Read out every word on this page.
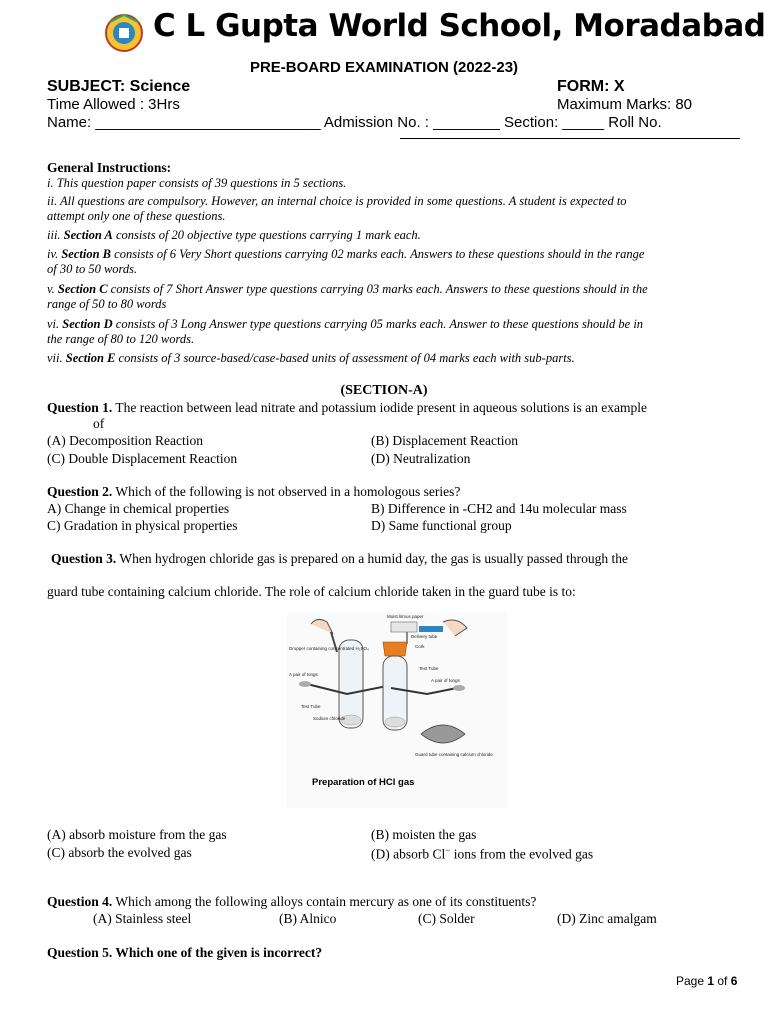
C L Gupta World School, Moradabad
PRE-BOARD EXAMINATION (2022-23)
SUBJECT: Science	FORM: X
Time Allowed : 3Hrs	Maximum Marks: 80
Name: ___________________________ Admission No. : ________ Section: _____ Roll No.
General Instructions:
i. This question paper consists of 39 questions in 5 sections.
ii. All questions are compulsory. However, an internal choice is provided in some questions. A student is expected to
attempt only one of these questions.
iii. Section A consists of 20 objective type questions carrying 1 mark each.
iv. Section B consists of 6 Very Short questions carrying 02 marks each. Answers to these questions should in the range
of 30 to 50 words.
v. Section C consists of 7 Short Answer type questions carrying 03 marks each. Answers to these questions should in the
range of 50 to 80 words
vi. Section D consists of 3 Long Answer type questions carrying 05 marks each. Answer to these questions should be in
the range of 80 to 120 words.
vii. Section E consists of 3 source-based/case-based units of assessment of 04 marks each with sub-parts.
(SECTION-A)
Question 1. The reaction between lead nitrate and potassium iodide present in aqueous solutions is an example
of
(A) Decomposition Reaction	(B) Displacement Reaction
(C) Double Displacement Reaction	(D) Neutralization
Question 2. Which of the following is not observed in a homologous series?
A) Change in chemical properties	B) Difference in -CH2 and 14u molecular mass
C) Gradation in physical properties	D) Same functional group
Question 3. When hydrogen chloride gas is prepared on a humid day, the gas is usually passed through the
guard tube containing calcium chloride. The role of calcium chloride taken in the guard tube is to:
Dropper containing concentrated H₂SO₄
A pair of tongs
Test Tube
Sodium chloride
Moist litmus paper
Delivery tube
Cork
Test Tube
A pair of tongs
Guard tube containing calcium chloride
Preparation of HCl gas
(A) absorb moisture from the gas	(B) moisten the gas
(C) absorb the evolved gas	(D) absorb Cl− ions from the evolved gas
Question 4. Which among the following alloys contain mercury as one of its constituents?
(A) Stainless steel	(B) Alnico	(C) Solder	(D) Zinc amalgam
Question 5. Which one of the given is incorrect?
Page 1 of 6
